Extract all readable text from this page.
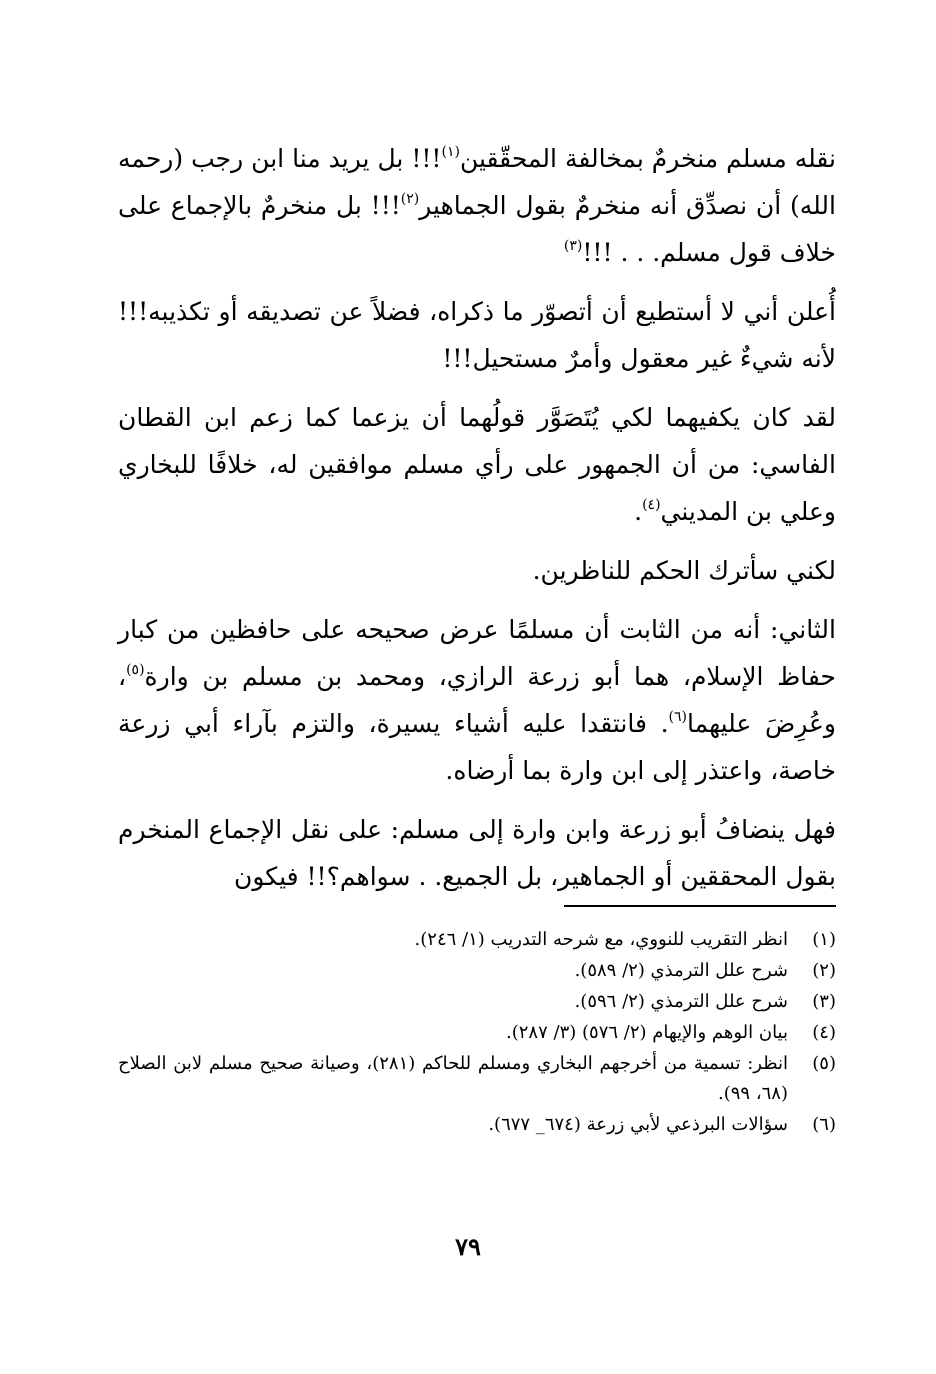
نقله مسلم منخرمٌ بمخالفة المحقّقين$^{(١)}$!!! بل يريد منا ابن رجب (رحمه الله) أن نصدِّق أنه منخرمٌ بقول الجماهير$^{(٢)}$!!! بل منخرمٌ بالإجماع على خلاف قول مسلم. . . !!!$^{(٣)}$

أُعلن أني لا أستطيع أن أتصوّر ما ذكراه، فضلاً عن تصديقه أو تكذيبه!!! لأنه شيءٌ غير معقول وأمرٌ مستحيل!!!

لقد كان يكفيهما لكي يُتَصَوَّر قولُهما أن يزعما كما زعم ابن القطان الفاسي: من أن الجمهور على رأي مسلم موافقين له، خلافًا للبخاري وعلي بن المديني$^{(٤)}$.

لكني سأترك الحكم للناظرين.

الثاني: أنه من الثابت أن مسلمًا عرض صحيحه على حافظين من كبار حفاظ الإسلام، هما أبو زرعة الرازي، ومحمد بن مسلم بن وارة$^{(٥)}$، وعُرِضَ عليهما$^{(٦)}$. فانتقدا عليه أشياء يسيرة، والتزم بآراء أبي زرعة خاصة، واعتذر إلى ابن وارة بما أرضاه.

فهل ينضافُ أبو زرعة وابن وارة إلى مسلم: على نقل الإجماع المنخرم بقول المحققين أو الجماهير، بل الجميع. . سواهم؟!! فيكون

(١)
انظر التقريب للنووي، مع شرحه التدريب (١/ ٢٤٦).
(٢)
شرح علل الترمذي (٢/ ٥٨٩).
(٣)
شرح علل الترمذي (٢/ ٥٩٦).
(٤)
بيان الوهم والإيهام (٢/ ٥٧٦) (٣/ ٢٨٧).
(٥)
انظر: تسمية من أخرجهم البخاري ومسلم للحاكم (٢٨١)، وصيانة صحيح مسلم لابن الصلاح (٦٨، ٩٩).
(٦)
سؤالات البرذعي لأبي زرعة (٦٧٤_ ٦٧٧).
٧٩
